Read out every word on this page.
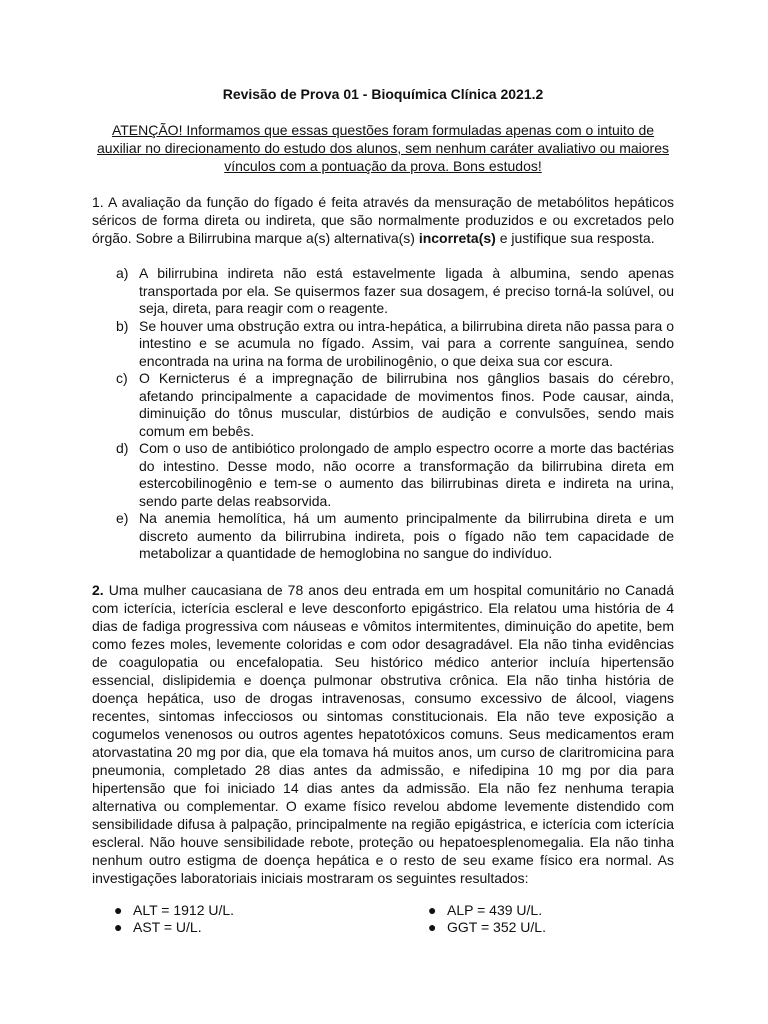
Revisão de Prova 01 - Bioquímica Clínica 2021.2
ATENÇÃO! Informamos que essas questões foram formuladas apenas com o intuito de auxiliar no direcionamento do estudo dos alunos, sem nenhum caráter avaliativo ou maiores vínculos com a pontuação da prova. Bons estudos!

1. A avaliação da função do fígado é feita através da mensuração de metabólitos hepáticos séricos de forma direta ou indireta, que são normalmente produzidos e ou excretados pelo órgão. Sobre a Bilirrubina marque a(s) alternativa(s) incorreta(s) e justifique sua resposta.

a) A bilirrubina indireta não está estavelmente ligada à albumina, sendo apenas transportada por ela. Se quisermos fazer sua dosagem, é preciso torná-la solúvel, ou seja, direta, para reagir com o reagente.
b) Se houver uma obstrução extra ou intra-hepática, a bilirrubina direta não passa para o intestino e se acumula no fígado. Assim, vai para a corrente sanguínea, sendo encontrada na urina na forma de urobilinogênio, o que deixa sua cor escura.
c) O Kernicterus é a impregnação de bilirrubina nos gânglios basais do cérebro, afetando principalmente a capacidade de movimentos finos. Pode causar, ainda, diminuição do tônus muscular, distúrbios de audição e convulsões, sendo mais comum em bebês.
d) Com o uso de antibiótico prolongado de amplo espectro ocorre a morte das bactérias do intestino. Desse modo, não ocorre a transformação da bilirrubina direta em estercobilinogênio e tem-se o aumento das bilirrubinas direta e indireta na urina, sendo parte delas reabsorvida.
e) Na anemia hemolítica, há um aumento principalmente da bilirrubina direta e um discreto aumento da bilirrubina indireta, pois o fígado não tem capacidade de metabolizar a quantidade de hemoglobina no sangue do indivíduo.

2. Uma mulher caucasiana de 78 anos deu entrada em um hospital comunitário no Canadá com icterícia, icterícia escleral e leve desconforto epigástrico. Ela relatou uma história de 4 dias de fadiga progressiva com náuseas e vômitos intermitentes, diminuição do apetite, bem como fezes moles, levemente coloridas e com odor desagradável. Ela não tinha evidências de coagulopatia ou encefalopatia. Seu histórico médico anterior incluía hipertensão essencial, dislipidemia e doença pulmonar obstrutiva crônica. Ela não tinha história de doença hepática, uso de drogas intravenosas, consumo excessivo de álcool, viagens recentes, sintomas infecciosos ou sintomas constitucionais. Ela não teve exposição a cogumelos venenosos ou outros agentes hepatotóxicos comuns. Seus medicamentos eram atorvastatina 20 mg por dia, que ela tomava há muitos anos, um curso de claritromicina para pneumonia, completado 28 dias antes da admissão, e nifedipina 10 mg por dia para hipertensão que foi iniciado 14 dias antes da admissão. Ela não fez nenhuma terapia alternativa ou complementar. O exame físico revelou abdome levemente distendido com sensibilidade difusa à palpação, principalmente na região epigástrica, e icterícia com icterícia escleral. Não houve sensibilidade rebote, proteção ou hepatoesplenomegalia. Ela não tinha nenhum outro estigma de doença hepática e o resto de seu exame físico era normal. As investigações laboratoriais iniciais mostraram os seguintes resultados:

● ALT = 1912 U/L.	● ALP = 439 U/L.
● AST = U/L.	● GGT = 352 U/L.
